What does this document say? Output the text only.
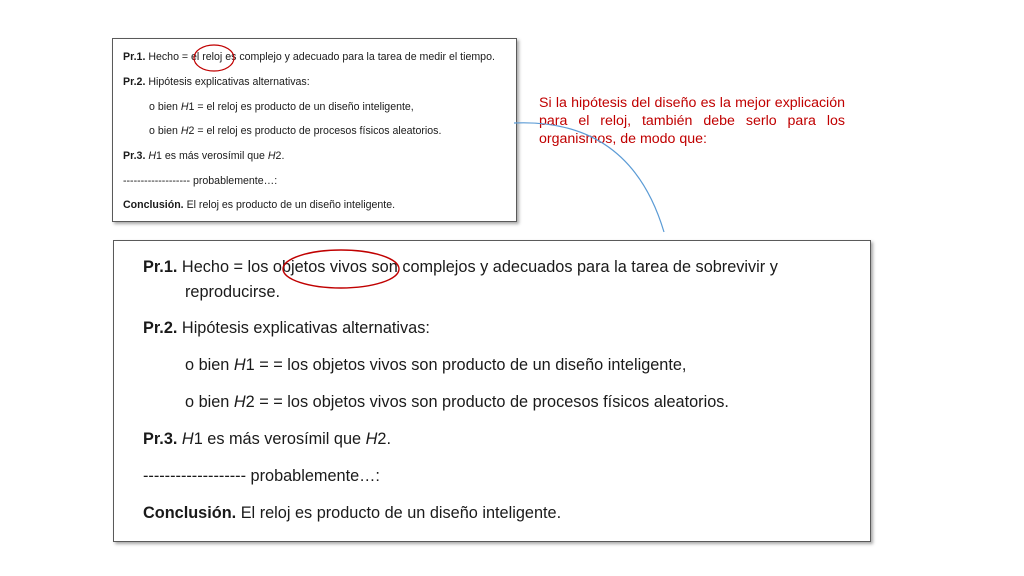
Pr.1. Hecho = el reloj es complejo y adecuado para la tarea de medir el tiempo.
Pr.2. Hipótesis explicativas alternativas:
o bien H1 = el reloj es producto de un diseño inteligente,
o bien H2 = el reloj es producto de procesos físicos aleatorios.
Pr.3. H1 es más verosímil que H2.
------------------- probablemente…:
Conclusión. El reloj es producto de un diseño inteligente.
Pr.1. Hecho = los objetos vivos son complejos y adecuados para la tarea de sobrevivir y
reproducirse.
Pr.2. Hipótesis explicativas alternativas:
o bien H1 = = los objetos vivos son producto de un diseño inteligente,
o bien H2 = = los objetos vivos son producto de procesos físicos aleatorios.
Pr.3. H1 es más verosímil que H2.
------------------- probablemente…:
Conclusión. El reloj es producto de un diseño inteligente.
Si la hipótesis del diseño es la mejor explicación para el reloj, también debe serlo para los organismos, de modo que:
